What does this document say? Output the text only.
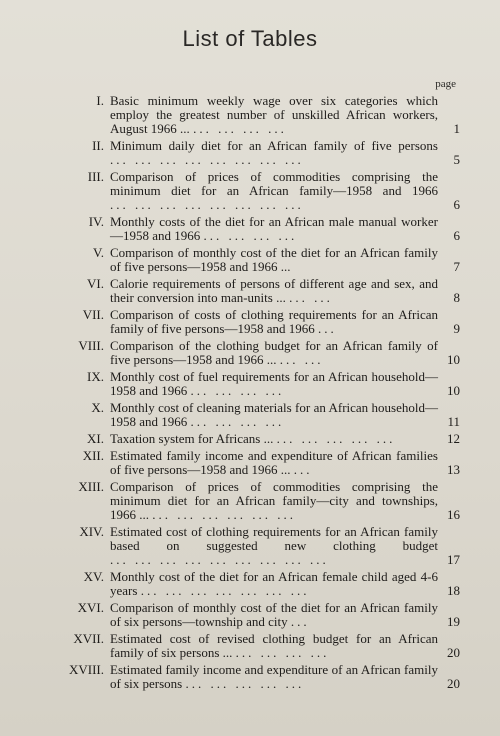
List of Tables
page
I. Basic minimum weekly wage over six categories which employ the greatest number of unskilled African workers, August 1966 ... ... ... ... ...	1
II. Minimum daily diet for an African family of five persons ... ... ... ... ... ... ... ...	5
III. Comparison of prices of commodities comprising the minimum diet for an African family—1958 and 1966 ... ... ... ... ... ... ... ...	6
IV. Monthly costs of the diet for an African male manual worker—1958 and 1966 ... ... ... ...	6
V. Comparison of monthly cost of the diet for an African family of five persons—1958 and 1966 ...	7
VI. Calorie requirements of persons of different age and sex, and their conversion into man-units ... ... ...	8
VII. Comparison of costs of clothing requirements for an African family of five persons—1958 and 1966 ...	9
VIII. Comparison of the clothing budget for an African family of five persons—1958 and 1966 ... ... ...	10
IX. Monthly cost of fuel requirements for an African household—1958 and 1966 ... ... ... ...	10
X. Monthly cost of cleaning materials for an African household—1958 and 1966 ... ... ... ...	11
XI. Taxation system for Africans ... ... ... ... ... ...	12
XII. Estimated family income and expenditure of African families of five persons—1958 and 1966 ... ...	13
XIII. Comparison of prices of commodities comprising the minimum diet for an African family—city and townships, 1966 ... ... ... ... ... ... ...	16
XIV. Estimated cost of clothing requirements for an African family based on suggested new clothing budget ... ... ... ... ... ... ... ... ...	17
XV. Monthly cost of the diet for an African female child aged 4-6 years ... ... ... ... ... ... ...	18
XVI. Comparison of monthly cost of the diet for an African family of six persons—township and city ...	19
XVII. Estimated cost of revised clothing budget for an African family of six persons ... ... ... ... ...	20
XVIII. Estimated family income and expenditure of an African family of six persons ... ... ... ... ...	20
